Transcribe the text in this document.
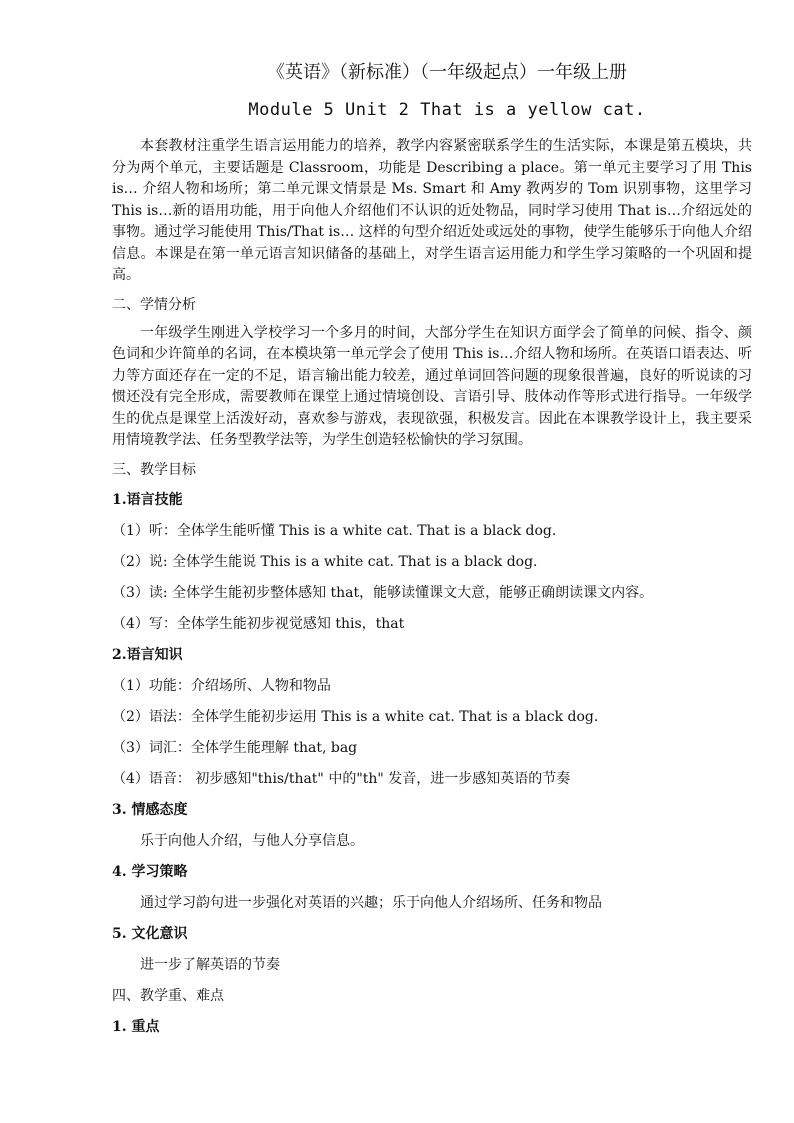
《英语》（新标准）（一年级起点）一年级上册

Module 5 Unit 2 That is a yellow cat.

本套教材注重学生语言运用能力的培养，教学内容紧密联系学生的生活实际，本课是第五模块，共分为两个单元，主要话题是 Classroom，功能是 Describing a place。第一单元主要学习了用 This is… 介绍人物和场所；第二单元课文情景是 Ms. Smart 和 Amy 教两岁的 Tom 识别事物，这里学习 This is…新的语用功能，用于向他人介绍他们不认识的近处物品，同时学习使用 That is…介绍远处的事物。通过学习能使用 This/That is… 这样的句型介绍近处或远处的事物，使学生能够乐于向他人介绍信息。本课是在第一单元语言知识储备的基础上，对学生语言运用能力和学生学习策略的一个巩固和提高。

二、学情分析

一年级学生刚进入学校学习一个多月的时间，大部分学生在知识方面学会了简单的问候、指令、颜色词和少许简单的名词，在本模块第一单元学会了使用 This is…介绍人物和场所。在英语口语表达、听力等方面还存在一定的不足，语言输出能力较差，通过单词回答问题的现象很普遍，良好的听说读的习惯还没有完全形成，需要教师在课堂上通过情境创设、言语引导、肢体动作等形式进行指导。一年级学生的优点是课堂上活泼好动，喜欢参与游戏，表现欲强，积极发言。因此在本课教学设计上，我主要采用情境教学法、任务型教学法等，为学生创造轻松愉快的学习氛围。

三、教学目标

1.语言技能

（1）听：全体学生能听懂 This is a white cat. That is a black dog.

（2）说: 全体学生能说 This is a white cat. That is a black dog.

（3）读: 全体学生能初步整体感知 that，能够读懂课文大意，能够正确朗读课文内容。

（4）写：全体学生能初步视觉感知 this，that

2.语言知识

（1）功能：介绍场所、人物和物品

（2）语法：全体学生能初步运用 This is a white cat. That is a black dog.

（3）词汇：全体学生能理解 that, bag

（4）语音： 初步感知"this/that" 中的"th" 发音，进一步感知英语的节奏

3. 情感态度

乐于向他人介绍，与他人分享信息。

4. 学习策略

通过学习韵句进一步强化对英语的兴趣；乐于向他人介绍场所、任务和物品

5. 文化意识

进一步了解英语的节奏

四、教学重、难点

1. 重点
